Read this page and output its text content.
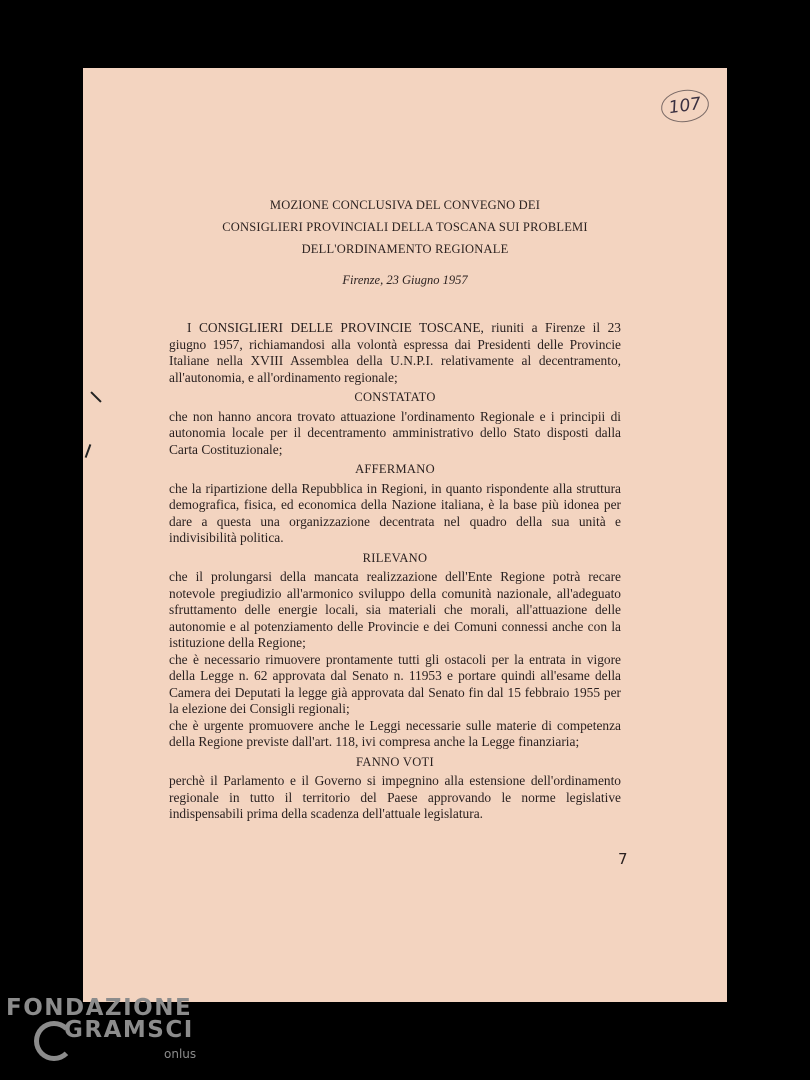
107
MOZIONE CONCLUSIVA DEL CONVEGNO DEI
CONSIGLIERI PROVINCIALI DELLA TOSCANA SUI PROBLEMI
DELL'ORDINAMENTO REGIONALE
Firenze, 23 Giugno 1957

I CONSIGLIERI DELLE PROVINCIE TOSCANE, riuniti a Firenze il 23 giugno 1957, richiamandosi alla volontà espressa dai Presidenti delle Provincie Italiane nella XVIII Assemblea della U.N.P.I. relativamente al decentramento, all'autonomia, e all'ordinamento regionale;

CONSTATATO

che non hanno ancora trovato attuazione l'ordinamento Regionale e i principii di autonomia locale per il decentramento amministrativo dello Stato disposti dalla Carta Costituzionale;

AFFERMANO

che la ripartizione della Repubblica in Regioni, in quanto rispondente alla struttura demografica, fisica, ed economica della Nazione italiana, è la base più idonea per dare a questa una organizzazione decentrata nel quadro della sua unità e indivisibilità politica.

RILEVANO

che il prolungarsi della mancata realizzazione dell'Ente Regione potrà recare notevole pregiudizio all'armonico sviluppo della comunità nazionale, all'adeguato sfruttamento delle energie locali, sia materiali che morali, all'attuazione delle autonomie e al potenziamento delle Provincie e dei Comuni connessi anche con la istituzione della Regione;

che è necessario rimuovere prontamente tutti gli ostacoli per la entrata in vigore della Legge n. 62 approvata dal Senato n. 11953 e portare quindi all'esame della Camera dei Deputati la legge già approvata dal Senato fin dal 15 febbraio 1955 per la elezione dei Consigli regionali;

che è urgente promuovere anche le Leggi necessarie sulle materie di competenza della Regione previste dall'art. 118, ivi compresa anche la Legge finanziaria;

FANNO VOTI

perchè il Parlamento e il Governo si impegnino alla estensione dell'ordinamento regionale in tutto il territorio del Paese approvando le norme legislative indispensabili prima della scadenza dell'attuale legislatura.

7
FONDAZIONE
GRAMSCI
onlus
